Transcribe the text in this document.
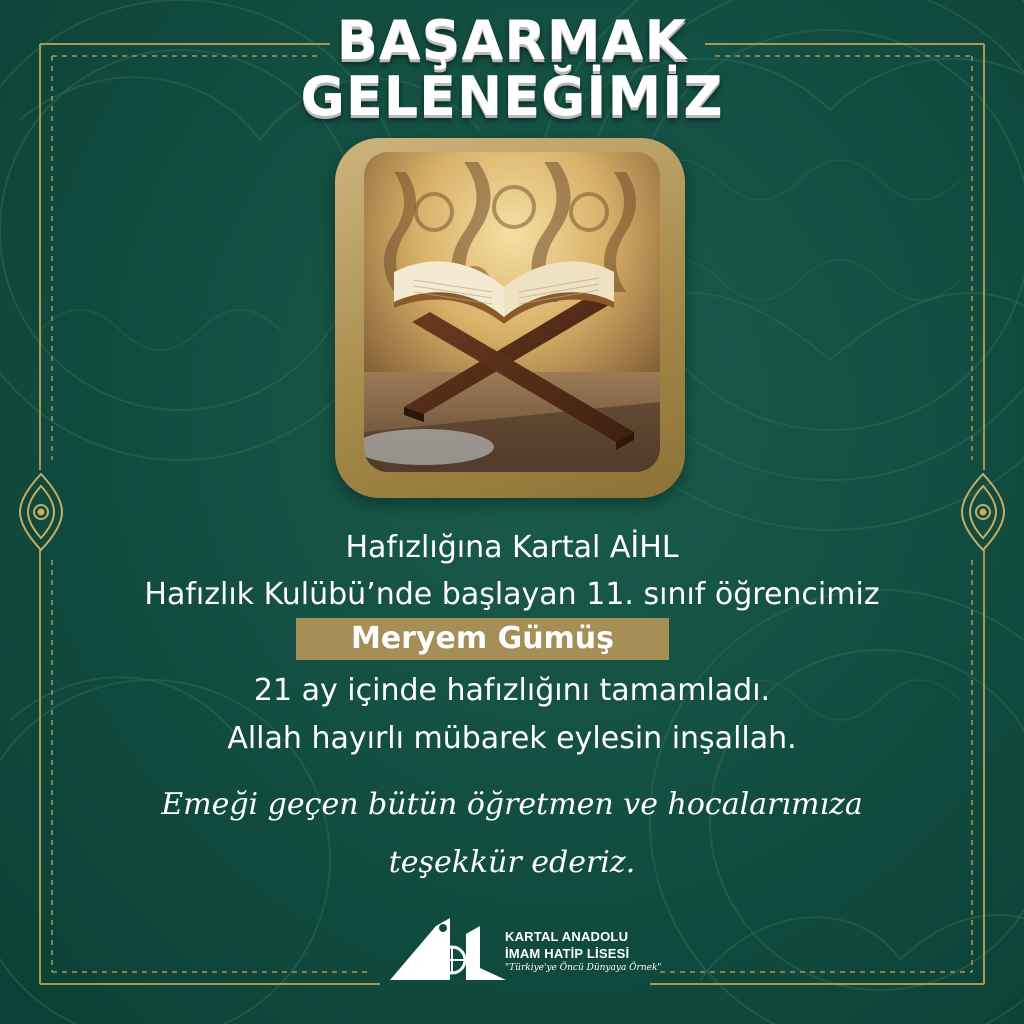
BAŞARMAK
GELENEĞİMİZ
Hafızlığına Kartal AİHL
Hafızlık Kulübü’nde başlayan 11. sınıf öğrencimiz
Meryem Gümüş
21 ay içinde hafızlığını tamamladı.
Allah hayırlı mübarek eylesin inşallah.
Emeği geçen bütün öğretmen ve hocalarımıza
teşekkür ederiz.
KARTAL ANADOLU
İMAM HATİP LİSESİ
"Türkiye'ye Öncü Dünyaya Örnek"
